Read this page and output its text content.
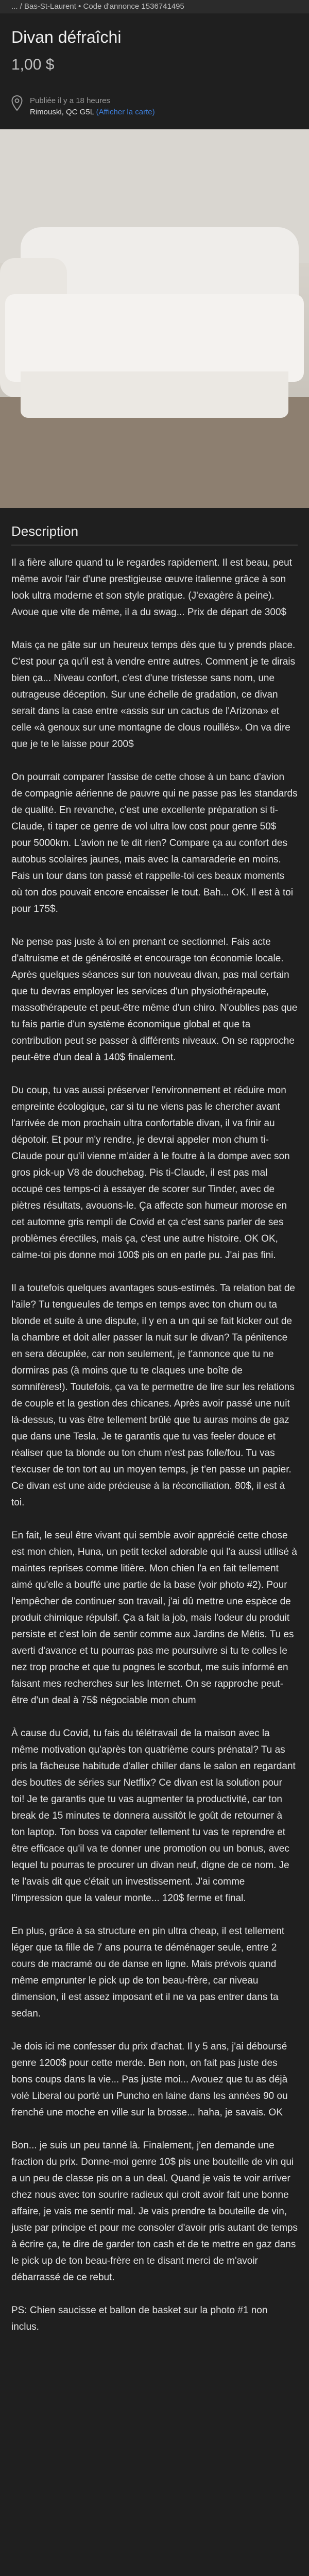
... / Bas-St-Laurent • Code d'annonce 1536741495
Divan défraîchi
1,00 $
Publiée il y a 18 heures
Rimouski, QC G5L (Afficher la carte)
Description

Il a fière allure quand tu le regardes rapidement. Il est beau, peut même avoir l'air d'une prestigieuse œuvre italienne grâce à son look ultra moderne et son style pratique. (J'exagère à peine). Avoue que vite de même, il a du swag... Prix de départ de 300$

Mais ça ne gâte sur un heureux temps dès que tu y prends place. C'est pour ça qu'il est à vendre entre autres. Comment je te dirais bien ça... Niveau confort, c'est d'une tristesse sans nom, une outrageuse déception. Sur une échelle de gradation, ce divan serait dans la case entre «assis sur un cactus de l'Arizona» et celle «à genoux sur une montagne de clous rouillés». On va dire que je te le laisse pour 200$

On pourrait comparer l'assise de cette chose à un banc d'avion de compagnie aérienne de pauvre qui ne passe pas les standards de qualité. En revanche, c'est une excellente préparation si ti-Claude, ti taper ce genre de vol ultra low cost pour genre 50$ pour 5000km. L'avion ne te dit rien? Compare ça au confort des autobus scolaires jaunes, mais avec la camaraderie en moins. Fais un tour dans ton passé et rappelle-toi ces beaux moments où ton dos pouvait encore encaisser le tout. Bah... OK. Il est à toi pour 175$.

Ne pense pas juste à toi en prenant ce sectionnel. Fais acte d'altruisme et de générosité et encourage ton économie locale. Après quelques séances sur ton nouveau divan, pas mal certain que tu devras employer les services d'un physiothérapeute, massothérapeute et peut-être même d'un chiro. N'oublies pas que tu fais partie d'un système économique global et que ta contribution peut se passer à différents niveaux. On se rapproche peut-être d'un deal à 140$ finalement.

Du coup, tu vas aussi préserver l'environnement et réduire mon empreinte écologique, car si tu ne viens pas le chercher avant l'arrivée de mon prochain ultra confortable divan, il va finir au dépotoir. Et pour m'y rendre, je devrai appeler mon chum ti-Claude pour qu'il vienne m'aider à le foutre à la dompe avec son gros pick-up V8 de douchebag. Pis ti-Claude, il est pas mal occupé ces temps-ci à essayer de scorer sur Tinder, avec de piètres résultats, avouons-le. Ça affecte son humeur morose en cet automne gris rempli de Covid et ça c'est sans parler de ses problèmes érectiles, mais ça, c'est une autre histoire. OK OK, calme-toi pis donne moi 100$ pis on en parle pu. J'ai pas fini.

Il a toutefois quelques avantages sous-estimés. Ta relation bat de l'aile? Tu tengueules de temps en temps avec ton chum ou ta blonde et suite à une dispute, il y en a un qui se fait kicker out de la chambre et doit aller passer la nuit sur le divan? Ta pénitence en sera décuplée, car non seulement, je t'annonce que tu ne dormiras pas (à moins que tu te claques une boîte de somnifères!). Toutefois, ça va te permettre de lire sur les relations de couple et la gestion des chicanes. Après avoir passé une nuit là-dessus, tu vas être tellement brûlé que tu auras moins de gaz que dans une Tesla. Je te garantis que tu vas feeler douce et réaliser que ta blonde ou ton chum n'est pas folle/fou. Tu vas t'excuser de ton tort au un moyen temps, je t'en passe un papier. Ce divan est une aide précieuse à la réconciliation. 80$, il est à toi.

En fait, le seul être vivant qui semble avoir apprécié cette chose est mon chien, Huna, un petit teckel adorable qui l'a aussi utilisé à maintes reprises comme litière. Mon chien l'a en fait tellement aimé qu'elle a bouffé une partie de la base (voir photo #2). Pour l'empêcher de continuer son travail, j'ai dû mettre une espèce de produit chimique répulsif. Ça a fait la job, mais l'odeur du produit persiste et c'est loin de sentir comme aux Jardins de Métis. Tu es averti d'avance et tu pourras pas me poursuivre si tu te colles le nez trop proche et que tu pognes le scorbut, me suis informé en faisant mes recherches sur les Internet. On se rapproche peut-être d'un deal à 75$ négociable mon chum

À cause du Covid, tu fais du télétravail de la maison avec la même motivation qu'après ton quatrième cours prénatal? Tu as pris la fâcheuse habitude d'aller chiller dans le salon en regardant des bouttes de séries sur Netflix? Ce divan est la solution pour toi! Je te garantis que tu vas augmenter ta productivité, car ton break de 15 minutes te donnera aussitôt le goût de retourner à ton laptop. Ton boss va capoter tellement tu vas te reprendre et être efficace qu'il va te donner une promotion ou un bonus, avec lequel tu pourras te procurer un divan neuf, digne de ce nom. Je te l'avais dit que c'était un investissement. J'ai comme l'impression que la valeur monte... 120$ ferme et final.

En plus, grâce à sa structure en pin ultra cheap, il est tellement léger que ta fille de 7 ans pourra te déménager seule, entre 2 cours de macramé ou de danse en ligne. Mais prévois quand même emprunter le pick up de ton beau-frère, car niveau dimension, il est assez imposant et il ne va pas entrer dans ta sedan.

Je dois ici me confesser du prix d'achat. Il y 5 ans, j'ai déboursé genre 1200$ pour cette merde. Ben non, on fait pas juste des bons coups dans la vie... Pas juste moi... Avouez que tu as déjà volé Liberal ou porté un Puncho en laine dans les années 90 ou frenché une moche en ville sur la brosse... haha, je savais. OK

Bon... je suis un peu tanné là. Finalement, j'en demande une fraction du prix. Donne-moi genre 10$ pis une bouteille de vin qui a un peu de classe pis on a un deal. Quand je vais te voir arriver chez nous avec ton sourire radieux qui croit avoir fait une bonne affaire, je vais me sentir mal. Je vais prendre ta bouteille de vin, juste par principe et pour me consoler d'avoir pris autant de temps à écrire ça, te dire de garder ton cash et de te mettre en gaz dans le pick up de ton beau-frère en te disant merci de m'avoir débarrassé de ce rebut.

PS: Chien saucisse et ballon de basket sur la photo #1 non inclus.
